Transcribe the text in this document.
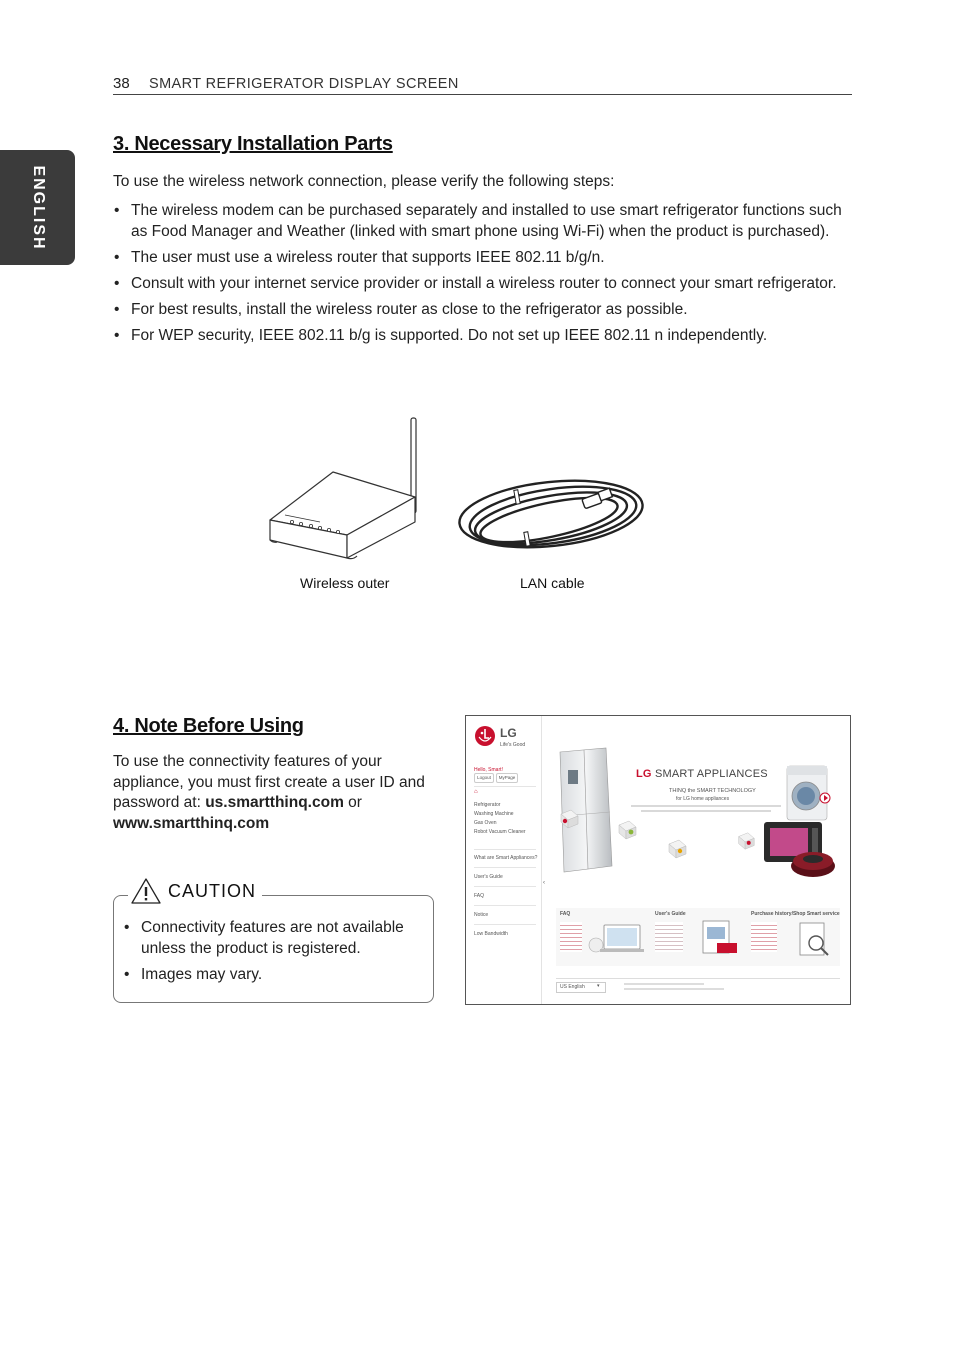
38 SMART REFRIGERATOR DISPLAY SCREEN
ENGLISH
3. Necessary Installation Parts
To use the wireless network connection, please verify the following steps:
• The wireless modem can be purchased separately and installed to use smart refrigerator functions such as Food Manager and Weather (linked with smart phone using Wi-Fi) when the product is purchased).
• The user must use a wireless router that supports IEEE 802.11 b/g/n.
• Consult with your internet service provider or install a wireless router to connect your smart refrigerator.
• For best results, install the wireless router as close to the refrigerator as possible.
• For WEP security, IEEE 802.11 b/g is supported. Do not set up IEEE 802.11 n independently.
Wireless outer	LAN cable
4. Note Before Using
To use the connectivity features of your appliance, you must first create a user ID and password at: us.smartthinq.com or www.smartthinq.com
CAUTION
• Connectivity features are not available unless the product is registered.
• Images may vary.
LG
Life's Good
Hello, Smart!
Logout	MyPage
⌂
Refrigerator
Washing Machine
Gas Oven
Robot Vacuum Cleaner
What are Smart Appliances?
User's Guide
FAQ
Notice
Low Bandwidth
LG SMART APPLIANCES
THINQ the SMART TECHNOLOGY
for LG home appliances
‹
FAQ	User's Guide	Purchase history/Shop Smart service
US English ▾
